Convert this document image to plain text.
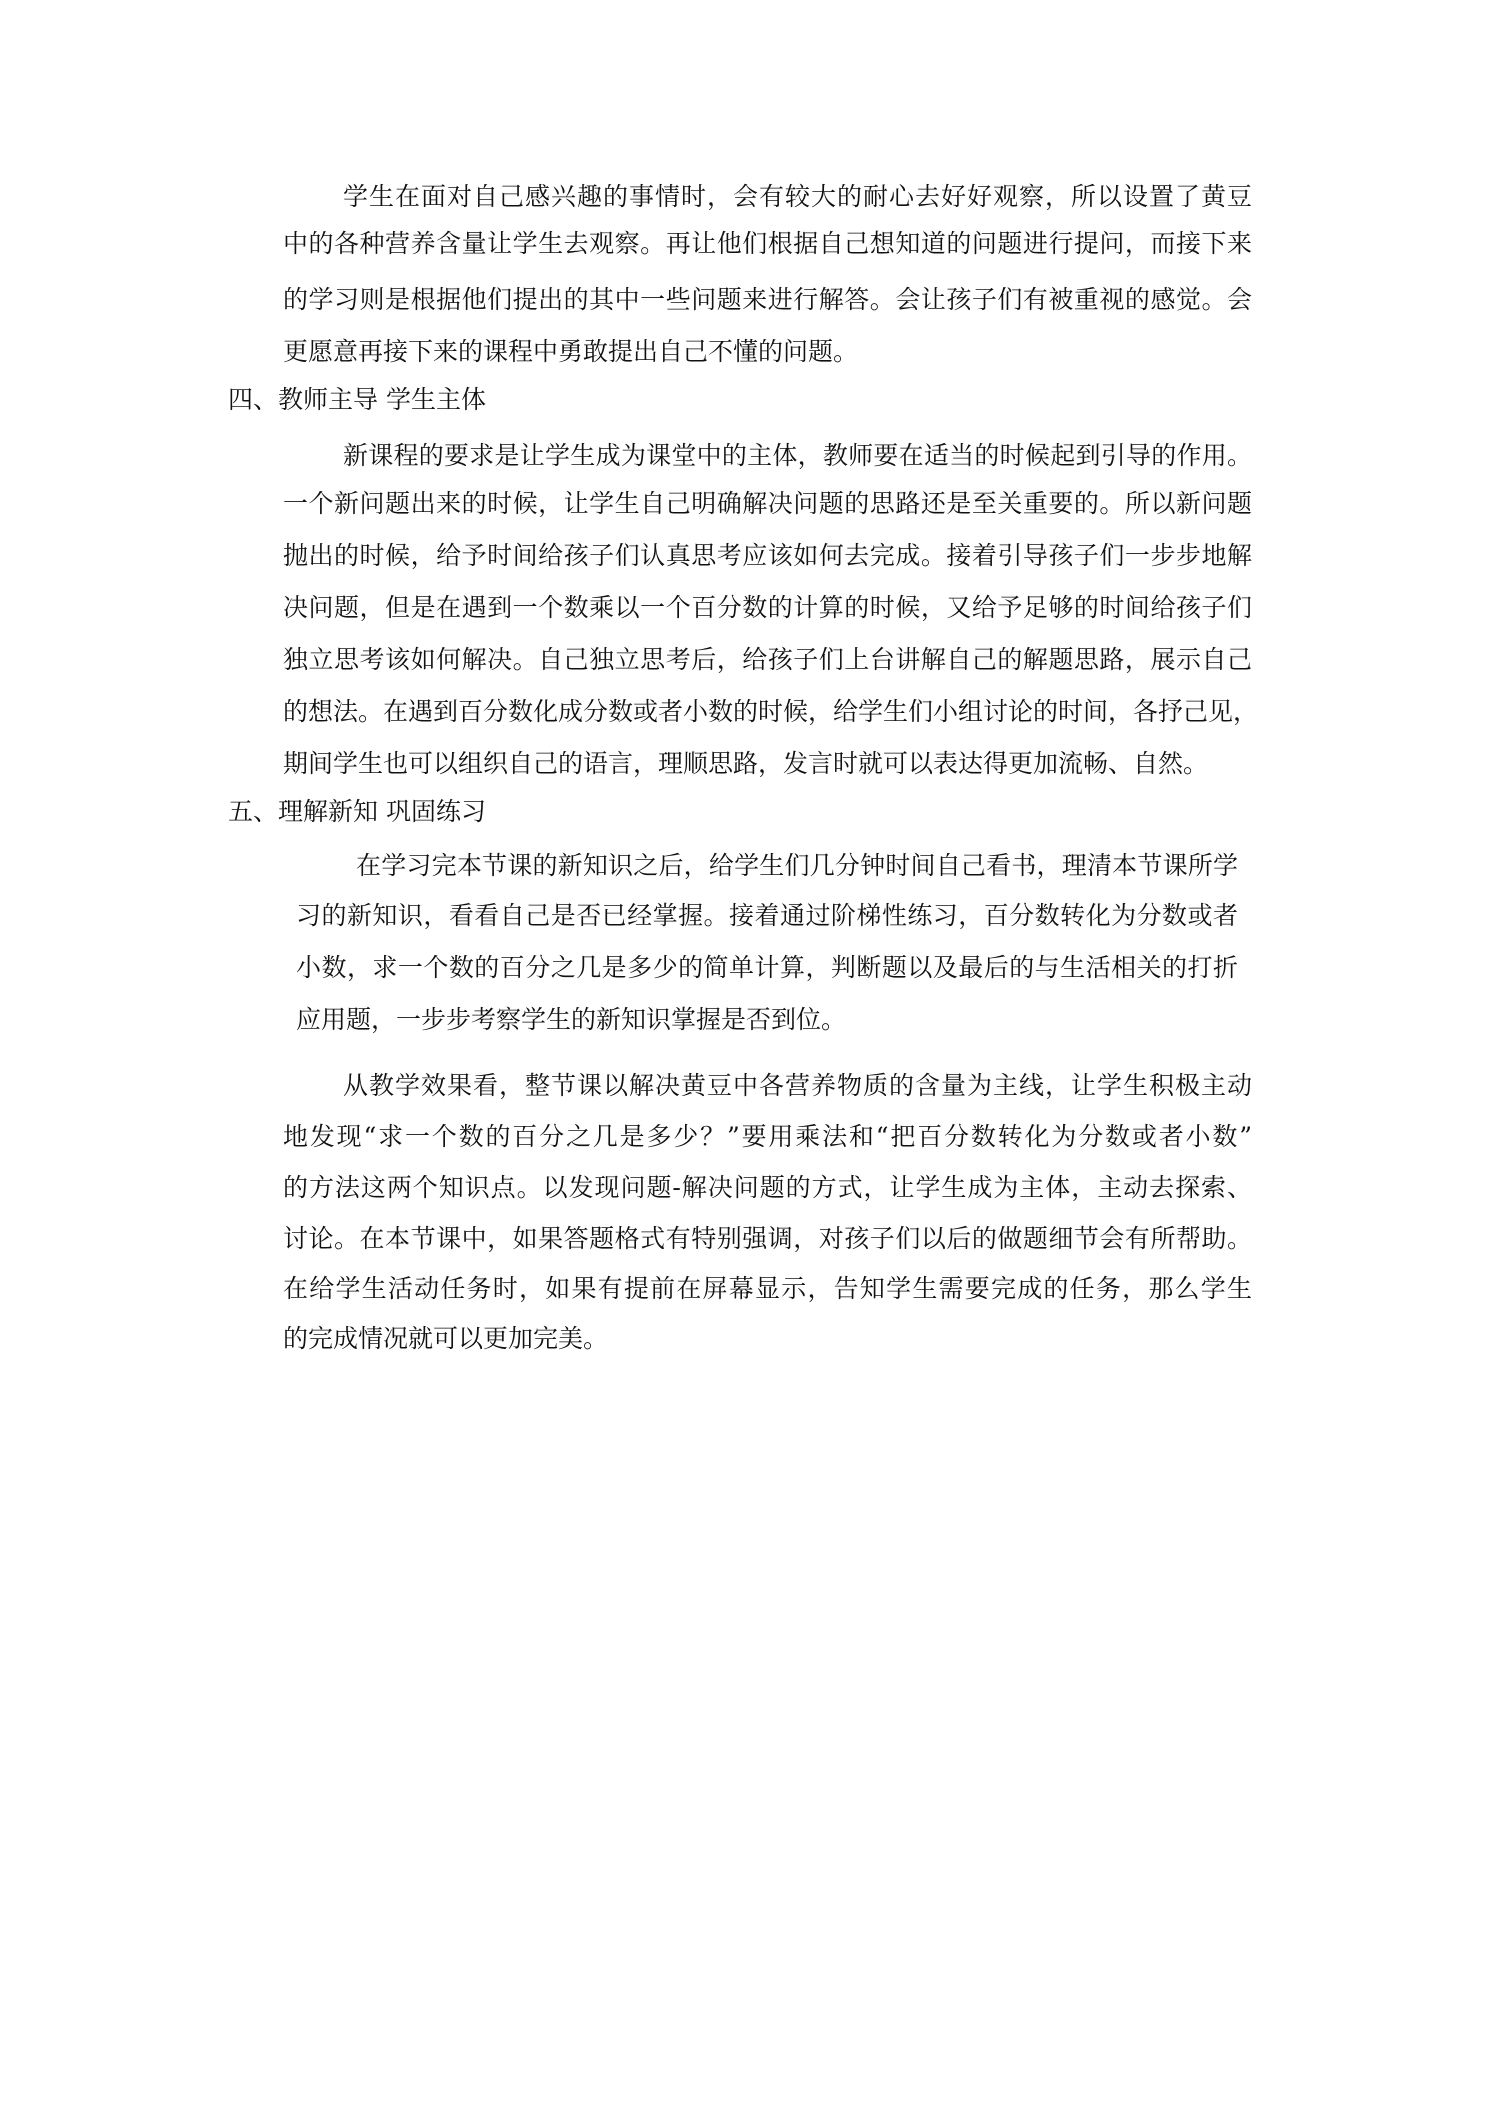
学生在面对自己感兴趣的事情时，会有较大的耐心去好好观察，所以设置了黄豆

中的各种营养含量让学生去观察。再让他们根据自己想知道的问题进行提问，而接下来

的学习则是根据他们提出的其中一些问题来进行解答。会让孩子们有被重视的感觉。会

更愿意再接下来的课程中勇敢提出自己不懂的问题。

四、教师主导 学生主体

新课程的要求是让学生成为课堂中的主体，教师要在适当的时候起到引导的作用。

一个新问题出来的时候，让学生自己明确解决问题的思路还是至关重要的。所以新问题

抛出的时候，给予时间给孩子们认真思考应该如何去完成。接着引导孩子们一步步地解

决问题，但是在遇到一个数乘以一个百分数的计算的时候，又给予足够的时间给孩子们

独立思考该如何解决。自己独立思考后，给孩子们上台讲解自己的解题思路，展示自己

的想法。在遇到百分数化成分数或者小数的时候，给学生们小组讨论的时间，各抒己见，

期间学生也可以组织自己的语言，理顺思路，发言时就可以表达得更加流畅、自然。

五、理解新知 巩固练习

在学习完本节课的新知识之后，给学生们几分钟时间自己看书，理清本节课所学

习的新知识，看看自己是否已经掌握。接着通过阶梯性练习，百分数转化为分数或者

小数，求一个数的百分之几是多少的简单计算，判断题以及最后的与生活相关的打折

应用题，一步步考察学生的新知识掌握是否到位。

从教学效果看，整节课以解决黄豆中各营养物质的含量为主线，让学生积极主动

地发现“求一个数的百分之几是多少？”要用乘法和“把百分数转化为分数或者小数”

的方法这两个知识点。以发现问题-解决问题的方式，让学生成为主体，主动去探索、

讨论。在本节课中，如果答题格式有特别强调，对孩子们以后的做题细节会有所帮助。

在给学生活动任务时，如果有提前在屏幕显示，告知学生需要完成的任务，那么学生

的完成情况就可以更加完美。
